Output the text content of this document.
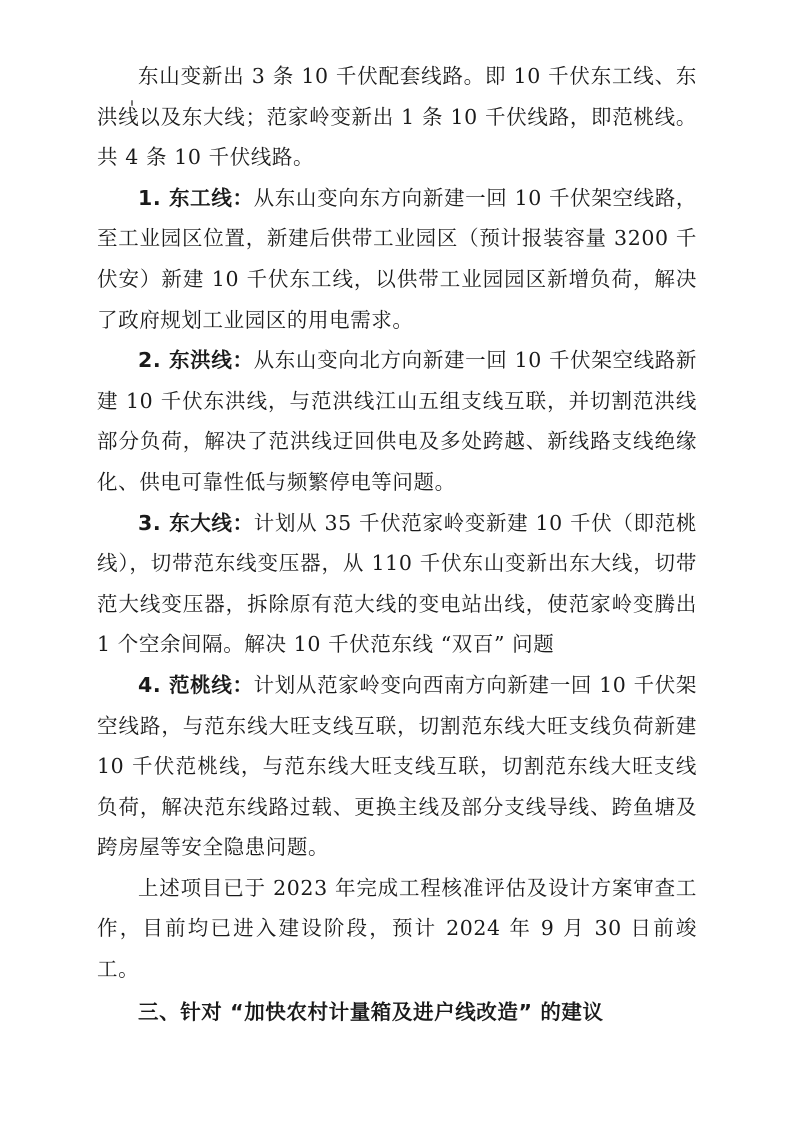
东山变新出 3 条 10 千伏配套线路。即 10 千伏东工线、东洪线以及东大线；范家岭变新出 1 条 10 千伏线路，即范桃线。共 4 条 10 千伏线路。

1. 东工线：从东山变向东方向新建一回 10 千伏架空线路，至工业园区位置，新建后供带工业园区（预计报装容量 3200 千伏安）新建 10 千伏东工线，以供带工业园园区新增负荷，解决了政府规划工业园区的用电需求。

2. 东洪线：从东山变向北方向新建一回 10 千伏架空线路新建 10 千伏东洪线，与范洪线江山五组支线互联，并切割范洪线部分负荷，解决了范洪线迂回供电及多处跨越、新线路支线绝缘化、供电可靠性低与频繁停电等问题。

3. 东大线：计划从 35 千伏范家岭变新建 10 千伏（即范桃线），切带范东线变压器，从 110 千伏东山变新出东大线，切带范大线变压器，拆除原有范大线的变电站出线，使范家岭变腾出 1 个空余间隔。解决 10 千伏范东线 “双百” 问题

4. 范桃线：计划从范家岭变向西南方向新建一回 10 千伏架空线路，与范东线大旺支线互联，切割范东线大旺支线负荷新建 10 千伏范桃线，与范东线大旺支线互联，切割范东线大旺支线负荷，解决范东线路过载、更换主线及部分支线导线、跨鱼塘及跨房屋等安全隐患问题。

上述项目已于 2023 年完成工程核准评估及设计方案审查工作，目前均已进入建设阶段，预计 2024 年 9 月 30 日前竣工。

三、针对 “加快农村计量箱及进户线改造” 的建议
